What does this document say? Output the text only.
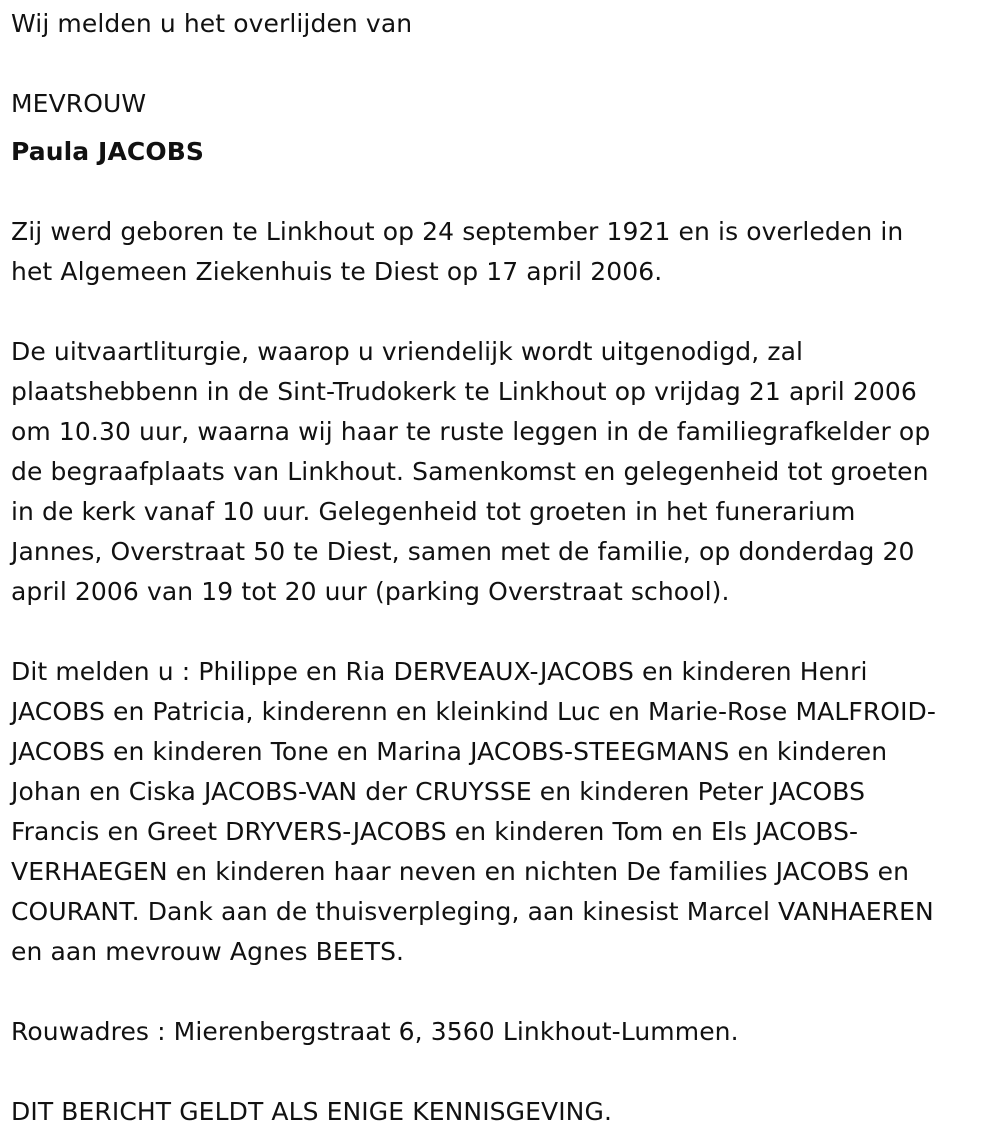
Wij melden u het overlijden van
MEVROUW
Paula JACOBS
Zij werd geboren te Linkhout op 24 september 1921 en is overleden in
het Algemeen Ziekenhuis te Diest op 17 april 2006.
De uitvaartliturgie, waarop u vriendelijk wordt uitgenodigd, zal
plaatshebbenn in de Sint-Trudokerk te Linkhout op vrijdag 21 april 2006
om 10.30 uur, waarna wij haar te ruste leggen in de familiegrafkelder op
de begraafplaats van Linkhout. Samenkomst en gelegenheid tot groeten
in de kerk vanaf 10 uur. Gelegenheid tot groeten in het funerarium
Jannes, Overstraat 50 te Diest, samen met de familie, op donderdag 20
april 2006 van 19 tot 20 uur (parking Overstraat school).
Dit melden u : Philippe en Ria DERVEAUX-JACOBS en kinderen Henri
JACOBS en Patricia, kinderenn en kleinkind Luc en Marie-Rose MALFROID-
JACOBS en kinderen Tone en Marina JACOBS-STEEGMANS en kinderen
Johan en Ciska JACOBS-VAN der CRUYSSE en kinderen Peter JACOBS
Francis en Greet DRYVERS-JACOBS en kinderen Tom en Els JACOBS-
VERHAEGEN en kinderen haar neven en nichten De families JACOBS en
COURANT. Dank aan de thuisverpleging, aan kinesist Marcel VANHAEREN
en aan mevrouw Agnes BEETS.
Rouwadres : Mierenbergstraat 6, 3560 Linkhout-Lummen.
DIT BERICHT GELDT ALS ENIGE KENNISGEVING.
